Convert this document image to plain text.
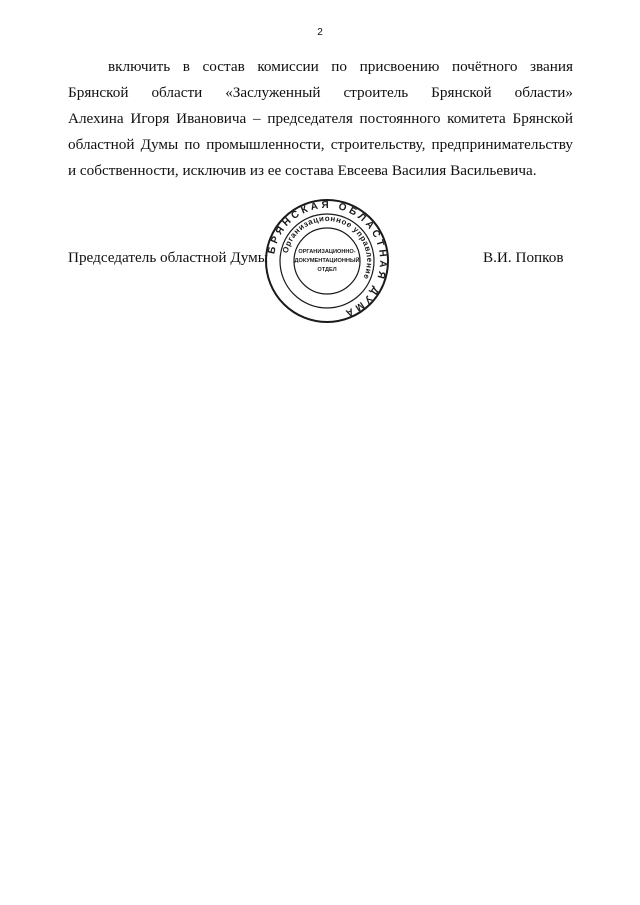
2
включить в состав комиссии по присвоению почётного звания
Брянской области «Заслуженный строитель Брянской области»
Алехина Игоря Ивановича – председателя постоянного комитета Брянской
областной Думы по промышленности, строительству, предпринимательству
и собственности, исключив из ее состава Евсеева Василия Васильевича.
Председатель областной Думы
БРЯНСКАЯ ОБЛАСТНАЯ ДУМА
Организационное управление
ОРГАНИЗАЦИОННО-
ДОКУМЕНТАЦИОННЫЙ
ОТДЕЛ
В.И. Попков
